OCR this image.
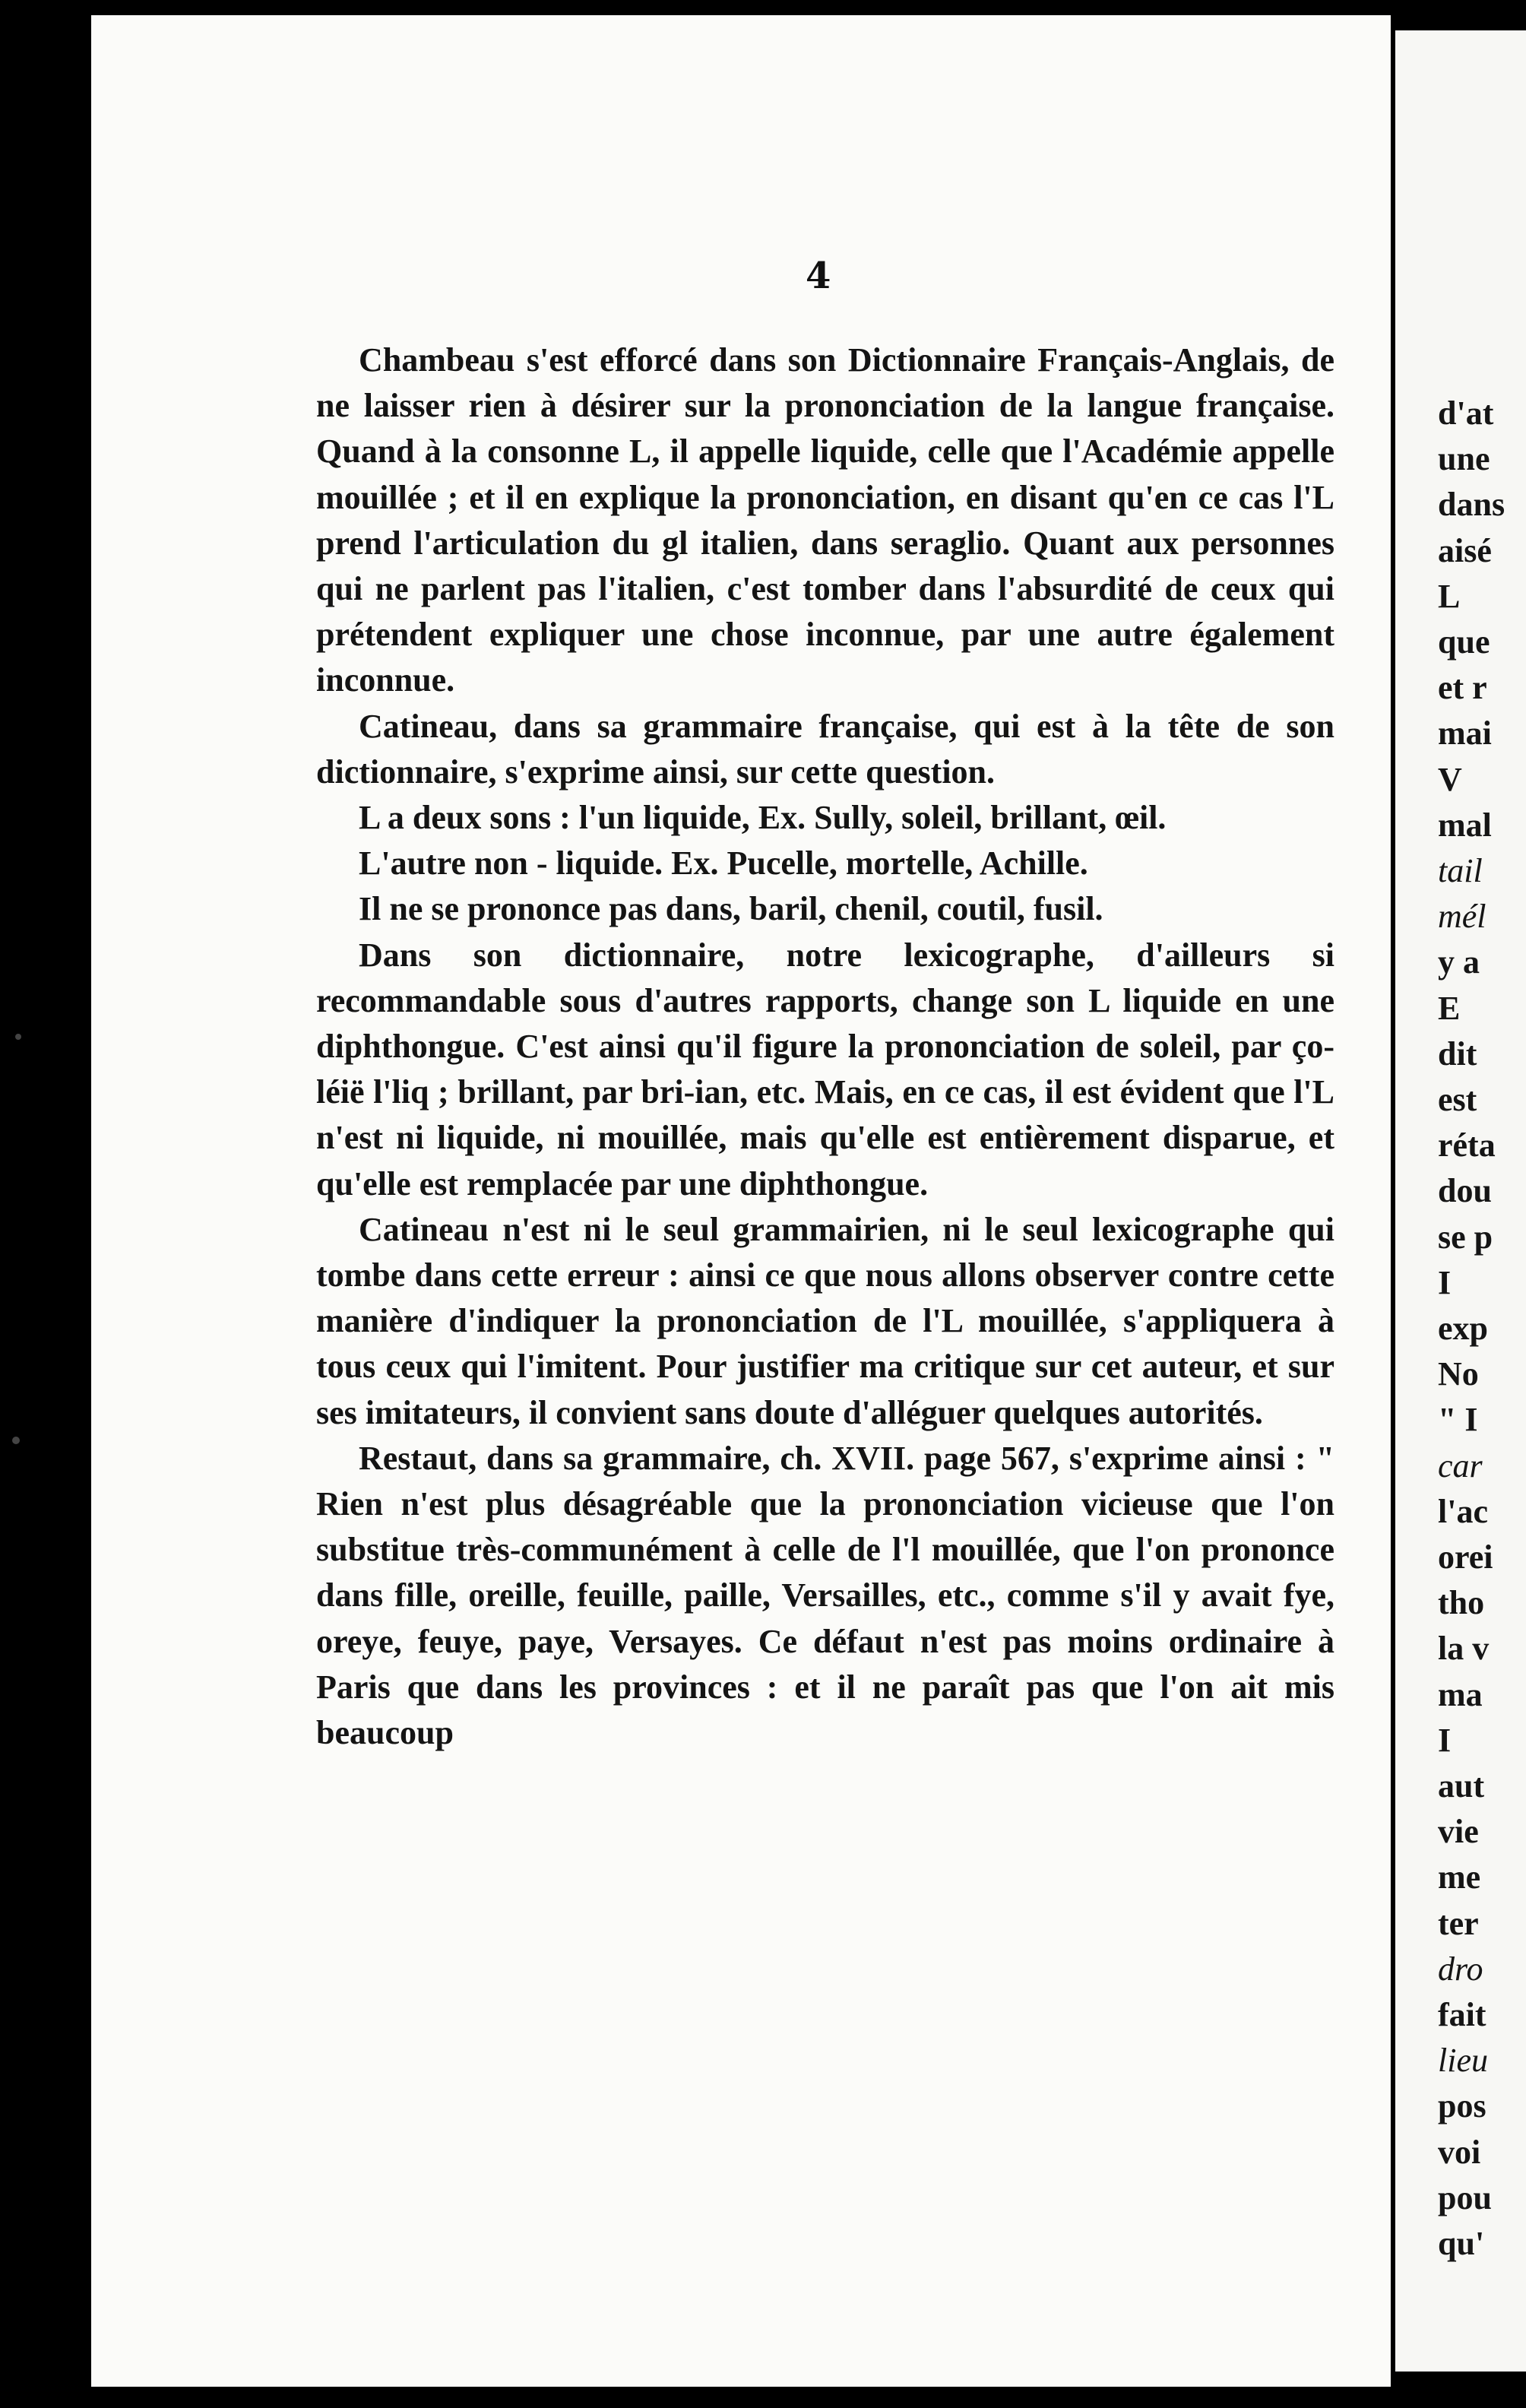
4

Chambeau s'est efforcé dans son Dictionnaire Français-Anglais, de ne laisser rien à désirer sur la prononciation de la langue française. Quand à la consonne L, il appelle liquide, celle que l'Académie appelle mouillée ; et il en explique la prononciation, en disant qu'en ce cas l'L prend l'articulation du gl italien, dans seraglio. Quant aux personnes qui ne parlent pas l'italien, c'est tomber dans l'absurdité de ceux qui prétendent expliquer une chose inconnue, par une autre également inconnue.

Catineau, dans sa grammaire française, qui est à la tête de son dictionnaire, s'exprime ainsi, sur cette question.

L a deux sons : l'un liquide, Ex. Sully, soleil, brillant, œil.

L'autre non - liquide. Ex. Pucelle, mortelle, Achille.

Il ne se prononce pas dans, baril, chenil, coutil, fusil.

Dans son dictionnaire, notre lexicographe, d'ailleurs si recommandable sous d'autres rapports, change son L liquide en une diphthongue. C'est ainsi qu'il figure la prononciation de soleil, par ço-léië l'liq ; brillant, par bri-ian, etc. Mais, en ce cas, il est évident que l'L n'est ni liquide, ni mouillée, mais qu'elle est entièrement disparue, et qu'elle est remplacée par une diphthongue.

Catineau n'est ni le seul grammairien, ni le seul lexicographe qui tombe dans cette erreur : ainsi ce que nous allons observer contre cette manière d'indiquer la prononciation de l'L mouillée, s'appliquera à tous ceux qui l'imitent. Pour justifier ma critique sur cet auteur, et sur ses imitateurs, il convient sans doute d'alléguer quelques autorités.

Restaut, dans sa grammaire, ch. XVII. page 567, s'exprime ainsi : " Rien n'est plus désagréable que la prononciation vicieuse que l'on substitue très-communément à celle de l'l mouillée, que l'on prononce dans fille, oreille, feuille, paille, Versailles, etc., comme s'il y avait fye, oreye, feuye, paye, Versayes. Ce défaut n'est pas moins ordinaire à Paris que dans les provinces : et il ne paraît pas que l'on ait mis beaucoup

d'at
une
dans
aisé
L
que
et r
mai
V
mal
tail
mél
y a
E
dit
est
réta
dou
se p
I
exp
No
" I
car
l'ac
orei
tho
la v
ma
I
aut
vie
me
ter
dro
fait
lieu
pos
voi
pou
qu'
